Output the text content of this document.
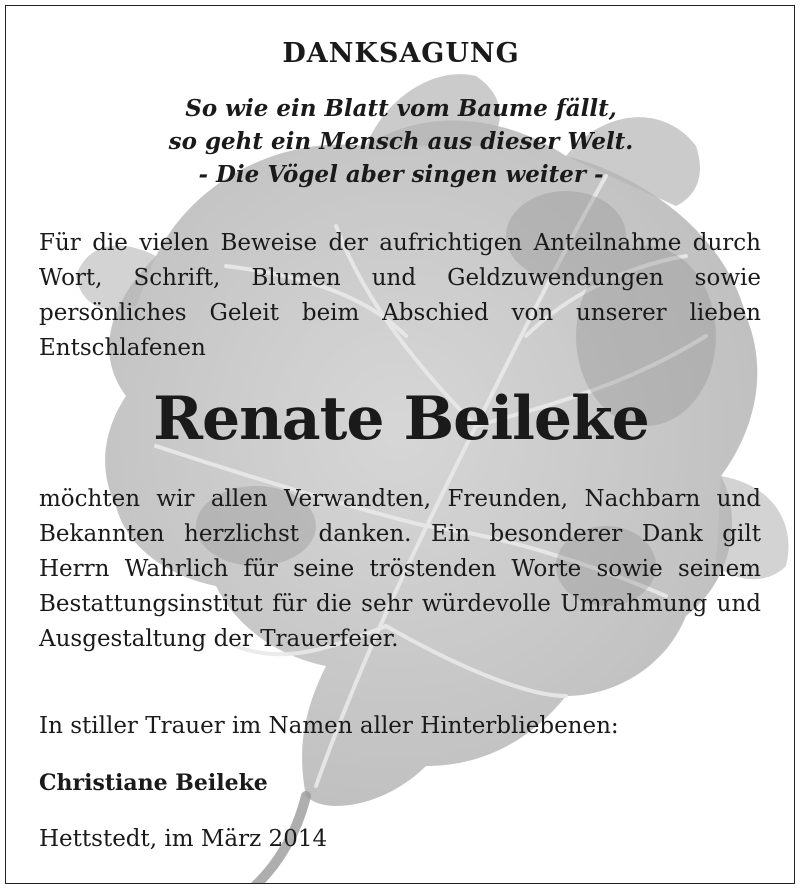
DANKSAGUNG
So wie ein Blatt vom Baume fällt,
so geht ein Mensch aus dieser Welt.
- Die Vögel aber singen weiter -

Für die vielen Beweise der aufrichtigen Anteilnahme durch Wort, Schrift, Blumen und Geldzuwendungen sowie persönliches Geleit beim Abschied von unserer lieben Entschlafenen

Renate Beileke

möchten wir allen Verwandten, Freunden, Nachbarn und Bekannten herzlichst danken. Ein besonderer Dank gilt Herrn Wahrlich für seine tröstenden Worte sowie seinem Bestattungsinstitut für die sehr würdevolle Umrahmung und Ausgestaltung der Trauerfeier.

In stiller Trauer im Namen aller Hinterbliebenen:

Christiane Beileke

Hettstedt, im März 2014
